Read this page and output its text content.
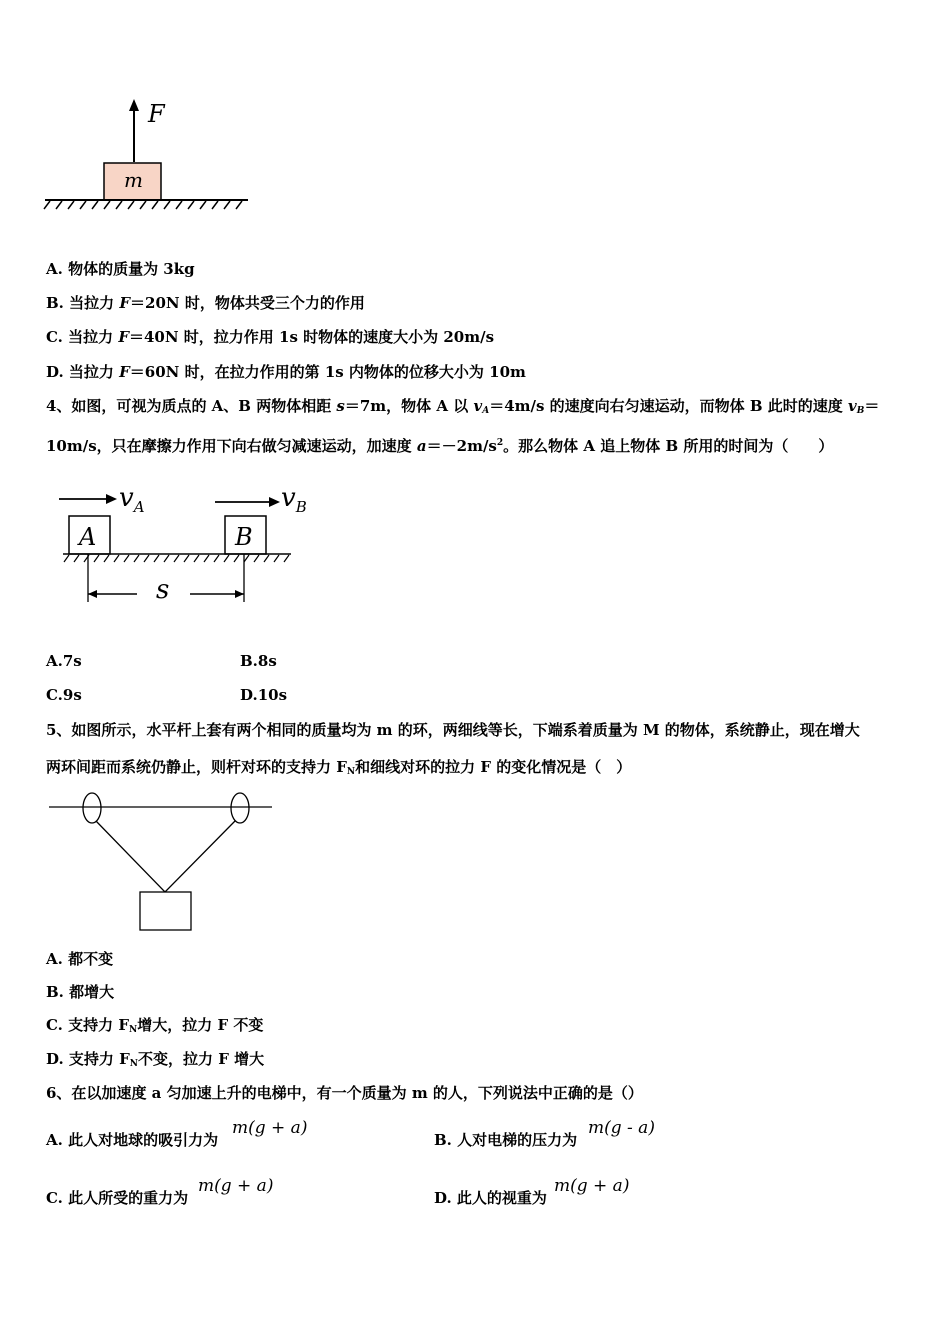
F
m
A. 物体的质量为 3kg
B. 当拉力 F＝20N 时，物体共受三个力的作用
C. 当拉力 F＝40N 时，拉力作用 1s 时物体的速度大小为 20m/s
D. 当拉力 F＝60N 时，在拉力作用的第 1s 内物体的位移大小为 10m
4、如图，可视为质点的 A、B 两物体相距 s＝7m，物体 A 以 $v_A=4m/s$ 的速度向右匀速运动，而物体 B 此时的速度 $v_B=$
10m/s，只在摩擦力作用下向右做匀减速运动，加速度 $a=-2m/s^2$。那么物体 A 追上物体 B 所用的时间为（　　）
$v_A$	$v_B$
A	B
s
A.7s	B.8s
C.9s	D.10s
5、如图所示，水平杆上套有两个相同的质量均为 m 的环，两细线等长，下端系着质量为 M 的物体，系统静止，现在增大
两环间距而系统仍静止，则杆对环的支持力 FN和细线对环的拉力 F 的变化情况是（　）
A. 都不变
B. 都增大
C. 支持力 FN增大，拉力 F 不变
D. 支持力 FN不变，拉力 F 增大
6、在以加速度 a 匀加速上升的电梯中，有一个质量为 m 的人，下列说法中正确的是（）
A. 此人对地球的吸引力为
m(g + a)
B. 人对电梯的压力为
m(g - a)
C. 此人所受的重力为
m(g + a)
D. 此人的视重为
m(g + a)
